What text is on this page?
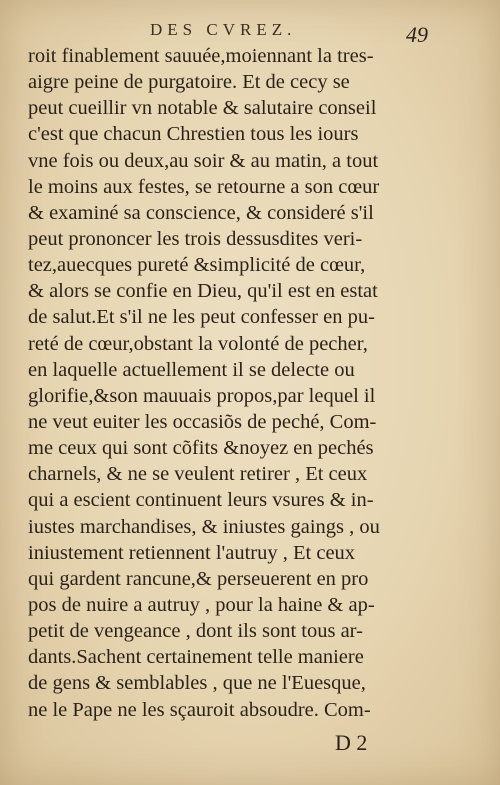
DES CVREZ.	49
roit finablement sauuée,moiennant la tres-
aigre peine de purgatoire. Et de cecy se
peut cueillir vn notable & salutaire conseil
c'est que chacun Chrestien tous les iours
vne fois ou deux,au soir & au matin, a tout
le moins aux festes, se retourne a son cœur
& examiné sa conscience, & consideré s'il
peut prononcer les trois dessusdites veri-
tez,auecques pureté &simplicité de cœur,
& alors se confie en Dieu, qu'il est en estat
de salut.Et s'il ne les peut confesser en pu-
reté de cœur,obstant la volonté de pecher,
en laquelle actuellement il se delecte ou
glorifie,&son mauuais propos,par lequel il
ne veut euiter les occasiõs de peché, Com-
me ceux qui sont cõfits &noyez en pechés
charnels, & ne se veulent retirer , Et ceux
qui a escient continuent leurs vsures & in-
iustes marchandises, & iniustes gaings , ou
iniustement retiennent l'autruy , Et ceux
qui gardent rancune,& perseuerent en pro
pos de nuire a autruy , pour la haine & ap-
petit de vengeance , dont ils sont tous ar-
dants.Sachent certainement telle maniere
de gens & semblables , que ne l'Euesque,
ne le Pape ne les sçauroit absoudre. Com-
D 2
